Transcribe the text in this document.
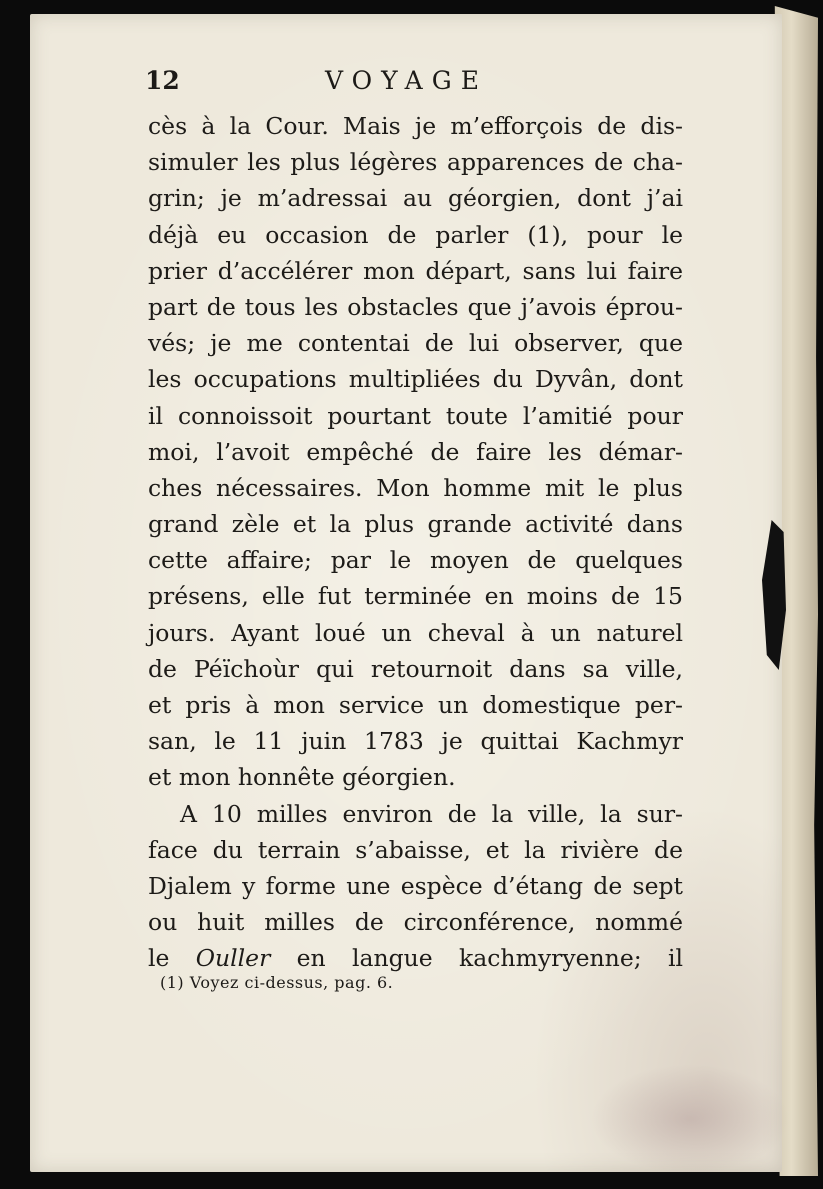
12	VOYAGE
cès à la Cour. Mais je m’efforçois de dis-
simuler les plus légères apparences de cha-
grin; je m’adressai au géorgien, dont j’ai
déjà eu occasion de parler (1), pour le
prier d’accélérer mon départ, sans lui faire
part de tous les obstacles que j’avois éprou-
vés; je me contentai de lui observer, que
les occupations multipliées du Dyvân, dont
il connoissoit pourtant toute l’amitié pour
moi, l’avoit empêché de faire les démar-
ches nécessaires. Mon homme mit le plus
grand zèle et la plus grande activité dans
cette affaire; par le moyen de quelques
présens, elle fut terminée en moins de 15
jours. Ayant loué un cheval à un naturel
de Péïchoùr qui retournoit dans sa ville,
et pris à mon service un domestique per-
san, le 11 juin 1783 je quittai Kachmyr
et mon honnête géorgien.
A 10 milles environ de la ville, la sur-
face du terrain s’abaisse, et la rivière de
Djalem y forme une espèce d’étang de sept
ou huit milles de circonférence, nommé
le Ouller en langue kachmyryenne; il
(1) Voyez ci-dessus, pag. 6.
